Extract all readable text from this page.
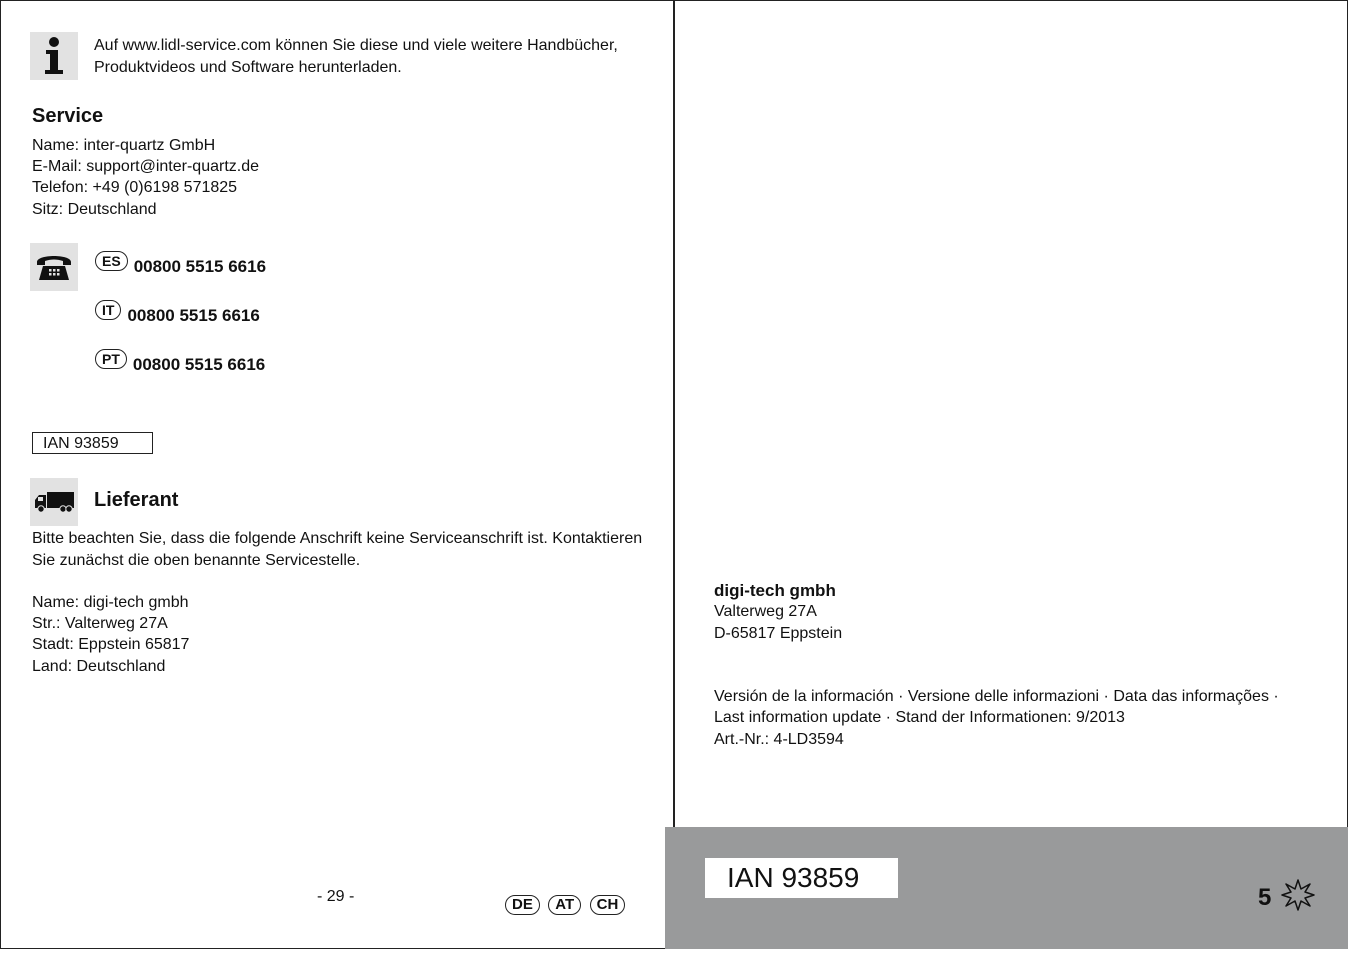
Auf www.lidl-service.com können Sie diese und viele weitere Handbücher,
Produktvideos und Software herunterladen.
Service
Name: inter-quartz GmbH
E-Mail: support@inter-quartz.de
Telefon: +49 (0)6198 571825
Sitz: Deutschland
ES 00800 5515 6616
IT 00800 5515 6616
PT 00800 5515 6616
IAN 93859
Lieferant
Bitte beachten Sie, dass die folgende Anschrift keine Serviceanschrift ist. Kontaktieren
Sie zunächst die oben benannte Servicestelle.
Name: digi-tech gmbh
Str.: Valterweg 27A
Stadt: Eppstein 65817
Land: Deutschland
- 29 -	DE AT CH
digi-tech gmbh
Valterweg 27A
D-65817 Eppstein
Versión de la información · Versione delle informazioni · Data das informações ·
Last information update · Stand der Informationen: 9/2013
Art.-Nr.: 4-LD3594
IAN 93859
5
